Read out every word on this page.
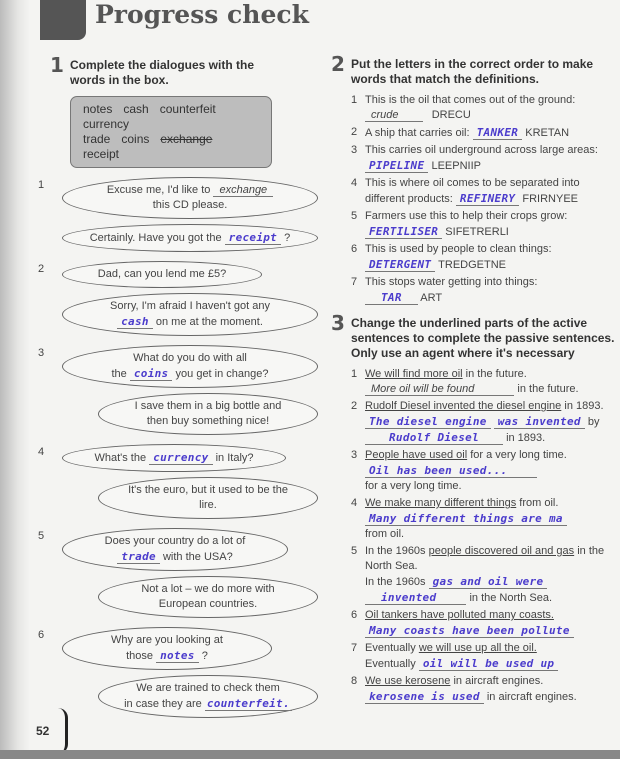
Progress check
1 Complete the dialogues with the words in the box.
notes cash counterfeitcurrency
trade coins exchangereceipt
1	Excuse me, I'd like to exchange
this CD please.
Certainly. Have you got the receipt ?
2	Dad, can you lend me £5?
Sorry, I'm afraid I haven't got any
cash on me at the moment.
3	What do you do with all
the coins you get in change?
I save them in a big bottle and then buy something nice!
4	What's the currency in Italy?
It's the euro, but it used to be the lire.
5	Does your country do a lot of
trade with the USA?
Not a lot – we do more with European countries.
6	Why are you looking at
those notes ?
We are trained to check them
in case they are counterfeit.
2 Put the letters in the correct order to make words that match the definitions.
1 This is the oil that comes out of the ground:
crude	DRECU
2 A ship that carries oil: TANKER KRETAN
3 This carries oil underground across large areas:
PIPELINE LEEPNIIP
4 This is where oil comes to be separated into different products: REFINERY FRIRNYEE
5 Farmers use this to help their crops grow:
FERTILISER SIFETRERLI
6 This is used by people to clean things:
DETERGENT TREDGETNE
7 This stops water getting into things:
TAR ART
3 Change the underlined parts of the active sentences to complete the passive sentences. Only use an agent where it's necessary
1 We will find more oil in the future.
More oil will be found	in the future.
2 Rudolf Diesel invented the diesel engine in 1893.
The diesel engine was invented by
Rudolf Diesel in 1893.
3 People have used oil for a very long time.
Oil has been used...
for a very long time.
4 We make many different things from oil.
Many different things are ma
from oil.
5 In the 1960s people discovered oil and gas in the North Sea.
In the 1960s gas and oil were
invented	in the North Sea.
6 Oil tankers have polluted many coasts.
Many coasts have been pollute
7 Eventually we will use up all the oil.
Eventually oil will be used up
8 We use kerosene in aircraft engines.
kerosene is used in aircraft engines.
52
